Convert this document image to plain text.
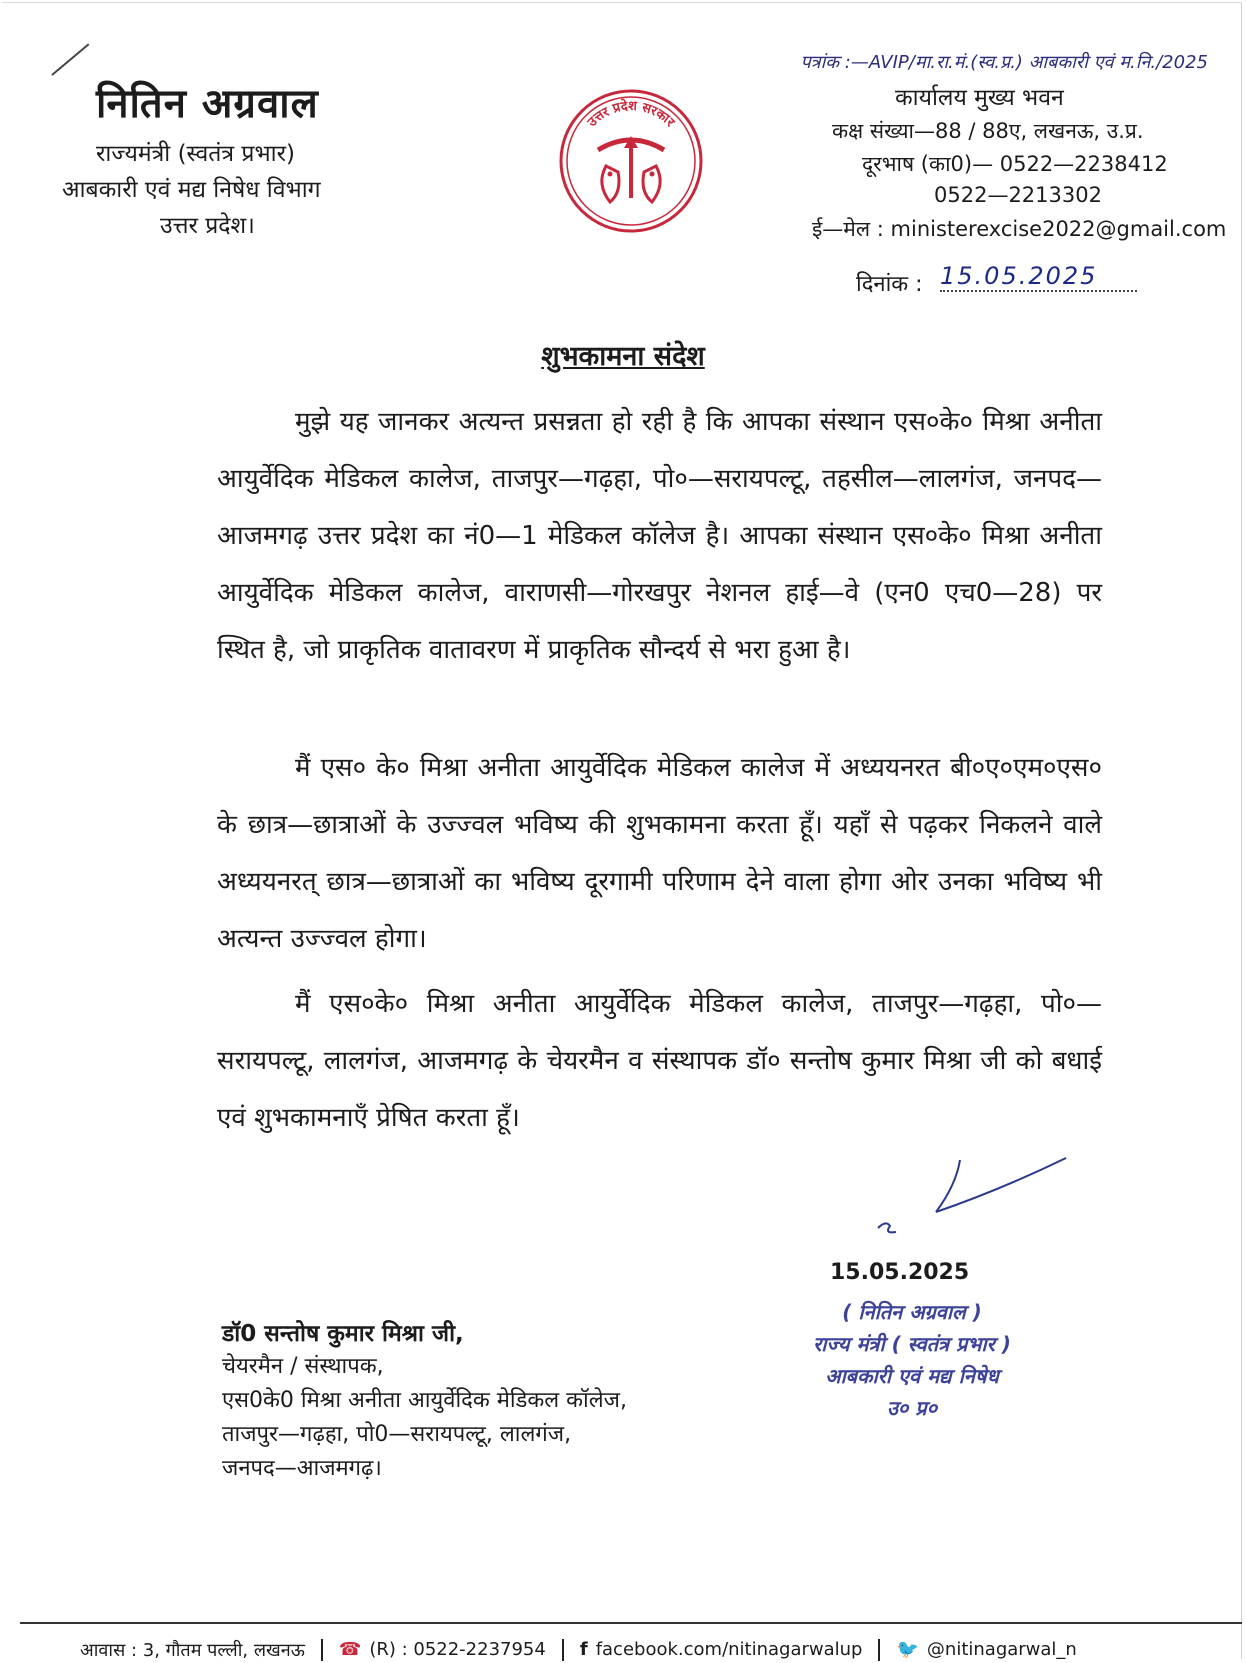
नितिन अग्रवाल
राज्यमंत्री (स्वतंत्र प्रभार)
आबकारी एवं मद्य निषेध विभाग
उत्तर प्रदेश।
उत्तर प्रदेश सरकार
पत्रांक :—AVIP/मा.रा.मं.(स्व.प्र.) आबकारी एवं म.नि./2025
कार्यालय मुख्य भवन
कक्ष संख्या—88 / 88ए, लखनऊ, उ.प्र.
दूरभाष (का0)— 0522—2238412
0522—2213302
ई—मेल : ministerexcise2022@gmail.com
दिनांक : 15.05.2025
शुभकामना संदेश

मुझे यह जानकर अत्यन्त प्रसन्नता हो रही है कि आपका संस्थान एस०के० मिश्रा अनीता आयुर्वेदिक मेडिकल कालेज, ताजपुर—गढ़हा, पो०—सरायपल्टू, तहसील—लालगंज, जनपद—आजमगढ़ उत्तर प्रदेश का नं0—1 मेडिकल कॉलेज है। आपका संस्थान एस०के० मिश्रा अनीता आयुर्वेदिक मेडिकल कालेज, वाराणसी—गोरखपुर नेशनल हाई—वे (एन0 एच0—28) पर स्थित है, जो प्राकृतिक वातावरण में प्राकृतिक सौन्दर्य से भरा हुआ है।

मैं एस० के० मिश्रा अनीता आयुर्वेदिक मेडिकल कालेज में अध्ययनरत बी०ए०एम०एस० के छात्र—छात्राओं के उज्ज्वल भविष्य की शुभकामना करता हूँ। यहाँ से पढ़कर निकलने वाले अध्ययनरत् छात्र—छात्राओं का भविष्य दूरगामी परिणाम देने वाला होगा ओर उनका भविष्य भी अत्यन्त उज्ज्वल होगा।

मैं एस०के० मिश्रा अनीता आयुर्वेदिक मेडिकल कालेज, ताजपुर—गढ़हा, पो०—सरायपल्टू, लालगंज, आजमगढ़ के चेयरमैन व संस्थापक डॉ० सन्तोष कुमार मिश्रा जी को बधाई एवं शुभकामनाएँ प्रेषित करता हूँ।

15.05.2025
( नितिन अग्रवाल )
राज्य मंत्री ( स्वतंत्र प्रभार )
आबकारी एवं मद्य निषेध
उ० प्र०
डॉ0 सन्तोष कुमार मिश्रा जी,
चेयरमैन / संस्थापक,
एस0के0 मिश्रा अनीता आयुर्वेदिक मेडिकल कॉलेज,
ताजपुर—गढ़हा, पो0—सरायपल्टू, लालगंज,
जनपद—आजमगढ़।
आवास : 3, गौतम पल्ली, लखनऊ ☎ (R) : 0522-2237954 f facebook.com/nitinagarwalup 🐦 @nitinagarwal_n
